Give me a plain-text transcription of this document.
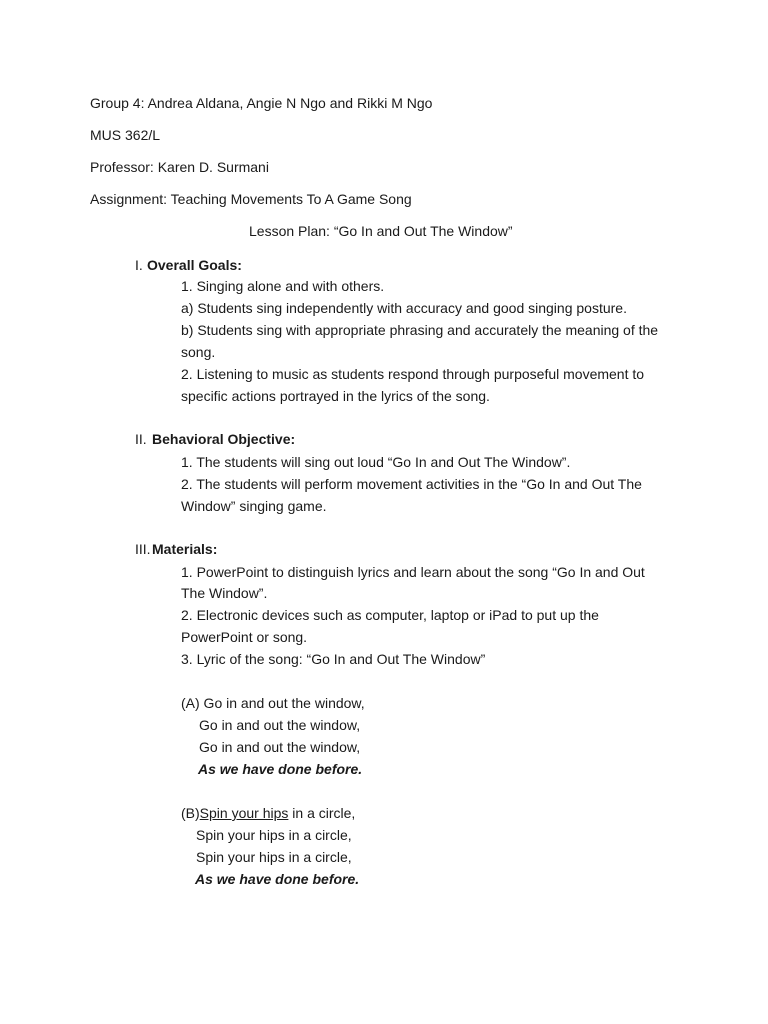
Group 4: Andrea Aldana, Angie N Ngo and Rikki M Ngo
MUS 362/L
Professor: Karen D. Surmani
Assignment: Teaching Movements To A Game Song
Lesson Plan: “Go In and Out The Window”
I. Overall Goals:
1. Singing alone and with others.
a) Students sing independently with accuracy and good singing posture.
b) Students sing with appropriate phrasing and accurately the meaning of the
song.
2. Listening to music as students respond through purposeful movement to
specific actions portrayed in the lyrics of the song.
II. Behavioral Objective:
1. The students will sing out loud “Go In and Out The Window”.
2. The students will perform movement activities in the “Go In and Out The
Window” singing game.
III. Materials:
1. PowerPoint to distinguish lyrics and learn about the song “Go In and Out
The Window”.
2. Electronic devices such as computer, laptop or iPad to put up the
PowerPoint or song.
3. Lyric of the song: “Go In and Out The Window”
(A) Go in and out the window,
Go in and out the window,
Go in and out the window,
As we have done before.
(B)Spin your hips in a circle,
Spin your hips in a circle,
Spin your hips in a circle,
As we have done before.
